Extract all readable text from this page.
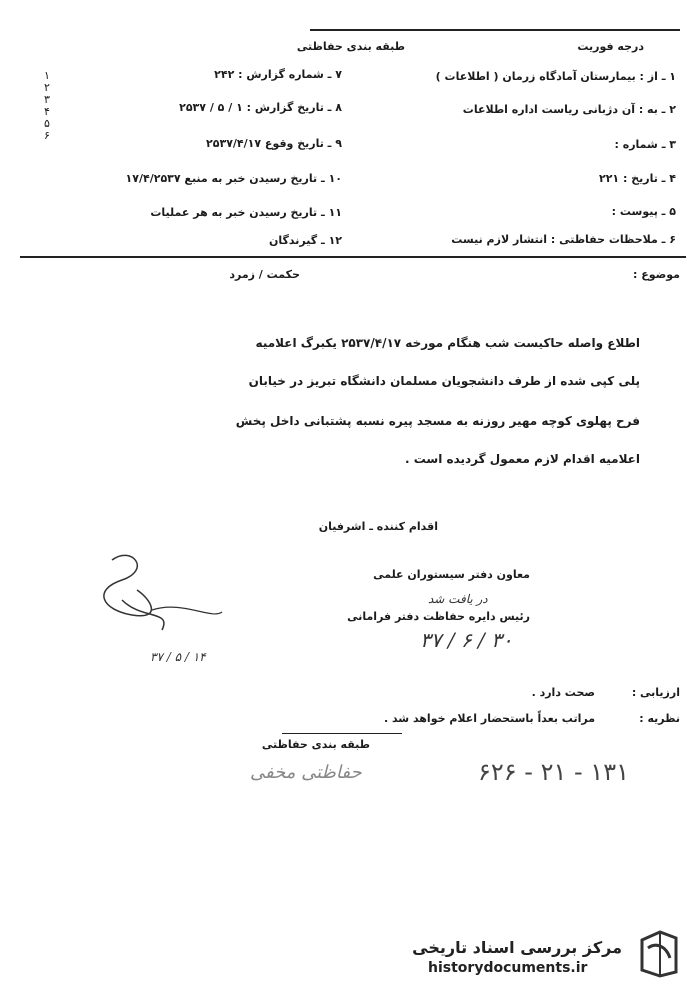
درجه فوریت
طبقه بندی حفاظتی
۱ ـ از : بیمارستان آمادگاه زرمان ( اطلاعات )
۲ ـ به : آن دژبانی ریاست اداره اطلاعات
۳ ـ شماره :
۴ ـ تاریخ : ۲۲۱
۵ ـ پیوست :
۶ ـ ملاحظات حفاظتی : انتشار لازم نیست
۷ ـ شماره گزارش : ۲۴۲
۸ ـ تاریخ گزارش : ۱ / ۵ / ۲۵۳۷
۹ ـ تاریخ وقوع ۲۵۳۷/۴/۱۷
۱۰ ـ تاریخ رسیدن خبر به منبع ۱۷/۴/۲۵۳۷
۱۱ ـ تاریخ رسیدن خبر به هر عملیات
۱۲ ـ گیرندگان
۱
۲
۳
۴
۵
۶
موضوع :
حکمت / زمرد
اطلاع واصله حاکیست شب هنگام مورخه ۲۵۳۷/۴/۱۷ یکبرگ اعلامیه
پلی کپی شده از طرف دانشجویان مسلمان دانشگاه تبریز در خیابان
فرح پهلوی کوچه مهیر روزنه به مسجد پیره نسبه پشتبانی داخل پخش
اعلامیه اقدام لازم معمول گردیده است .
اقدام کننده ـ اشرفیان
معاون دفتر سیستوران علمی
رئیس دایره حفاظت دفتر فرامانی
۱۴ / ۵ / ۳۷
در یافت شد
۳۰ / ۶ / ۳۷
ارزیابی :
صحت دارد .
نظریه :
مراتب بعداً باستحضار اعلام خواهد شد .
طبقه بندی حفاظتی
حفاظتی مخفی	۱۳۱ - ۲۱ - ۶۲۶
مرکز بررسی اسناد تاریخی
historydocuments.ir
